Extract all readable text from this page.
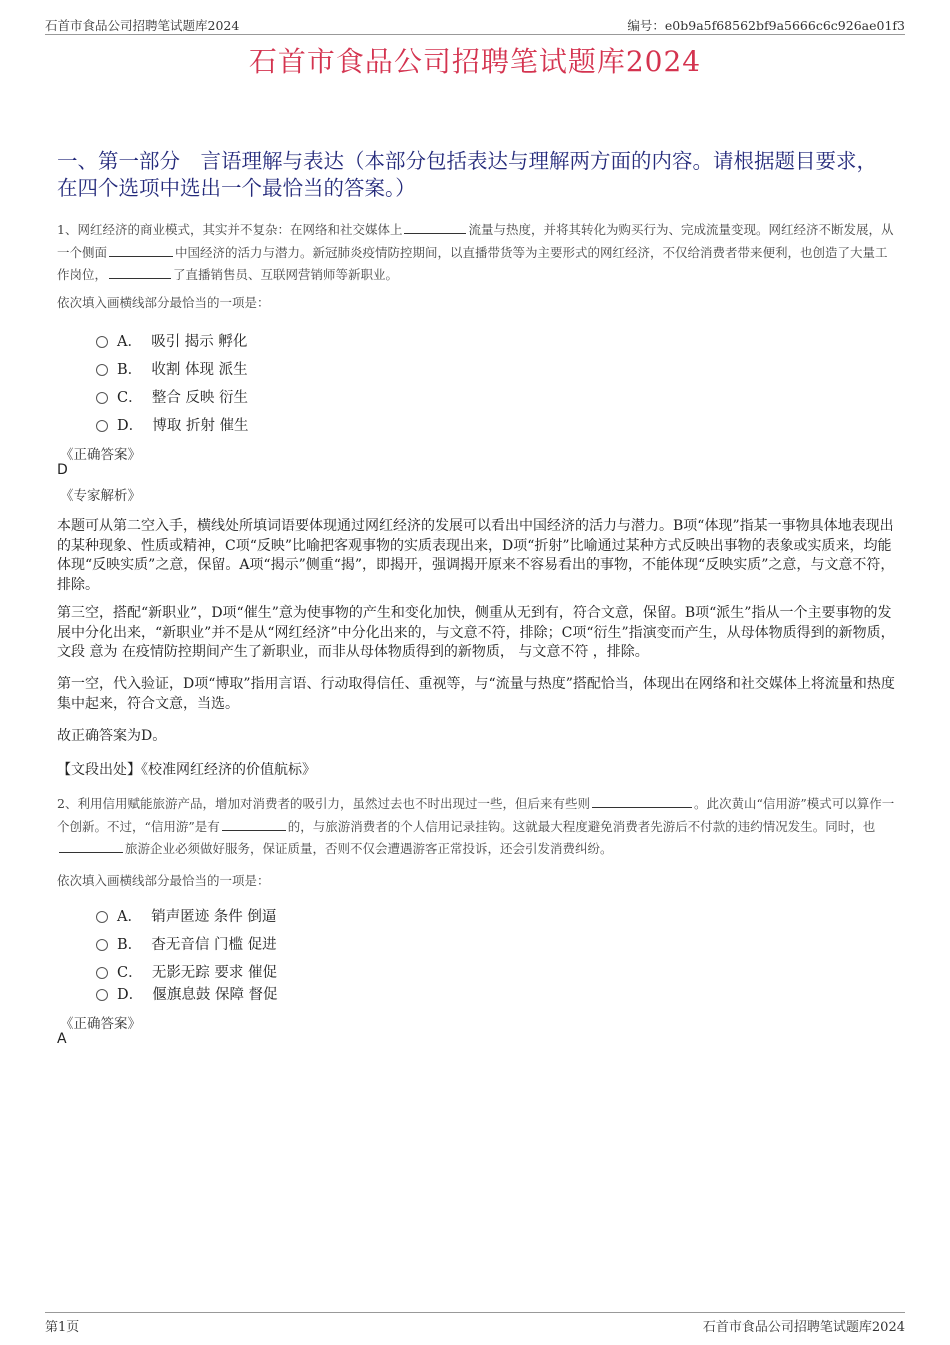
石首市食品公司招聘笔试题库2024	编号：e0b9a5f68562bf9a5666c6c926ae01f3
石首市食品公司招聘笔试题库2024
一、第一部分　言语理解与表达（本部分包括表达与理解两方面的内容。请根据题目要求，在四个选项中选出一个最恰当的答案。）
1、网红经济的商业模式，其实并不复杂：在网络和社交媒体上	流量与热度，并将其转化为购买行为、完成流量变现。网红经济不断发展，从一个侧面	中国经济的活力与潜力。新冠肺炎疫情防控期间，以直播带货等为主要形式的网红经济，不仅给消费者带来便利，也创造了大量工作岗位，	了直播销售员、互联网营销师等新职业。
依次填入画横线部分最恰当的一项是：
A．  吸引 揭示 孵化
B．  收割 体现 派生
C．  整合 反映 衍生
D．  博取 折射 催生
《正确答案》
D
《专家解析》
本题可从第二空入手，横线处所填词语要体现通过网红经济的发展可以看出中国经济的活力与潜力。B项“体现”指某一事物具体地表现出的某种现象、性质或精神，C项“反映”比喻把客观事物的实质表现出来，D项“折射”比喻通过某种方式反映出事物的表象或实质来，均能体现“反映实质”之意，保留。A项“揭示”侧重“揭”，即揭开，强调揭开原来不容易看出的事物，不能体现“反映实质”之意，与文意不符，排除。
第三空，搭配“新职业”，D项“催生”意为使事物的产生和变化加快，侧重从无到有，符合文意，保留。B项“派生”指从一个主要事物的发展中分化出来，“新职业”并不是从“网红经济”中分化出来的，与文意不符，排除；C项“衍生”指演变而产生，从母体物质得到的新物质，文段 意为 在疫情防控期间产生了新职业，而非从母体物质得到的新物质， 与文意不符 ，排除。
第一空，代入验证，D项“博取”指用言语、行动取得信任、重视等，与“流量与热度”搭配恰当，体现出在网络和社交媒体上将流量和热度集中起来，符合文意，当选。
故正确答案为D。
【文段出处】《校准网红经济的价值航标》
2、利用信用赋能旅游产品，增加对消费者的吸引力，虽然过去也不时出现过一些，但后来有些则	。此次黄山“信用游”模式可以算作一个创新。不过，“信用游”是有	的，与旅游消费者的个人信用记录挂钩。这就最大程度避免消费者先游后不付款的违约情况发生。同时，也旅游企业必须做好服务，保证质量，否则不仅会遭遇游客正常投诉，还会引发消费纠纷。
依次填入画横线部分最恰当的一项是：
A．  销声匿迹 条件 倒逼
B．  杳无音信 门槛 促进
C．  无影无踪 要求 催促
D．  偃旗息鼓 保障 督促
《正确答案》
A
第1页	石首市食品公司招聘笔试题库2024
